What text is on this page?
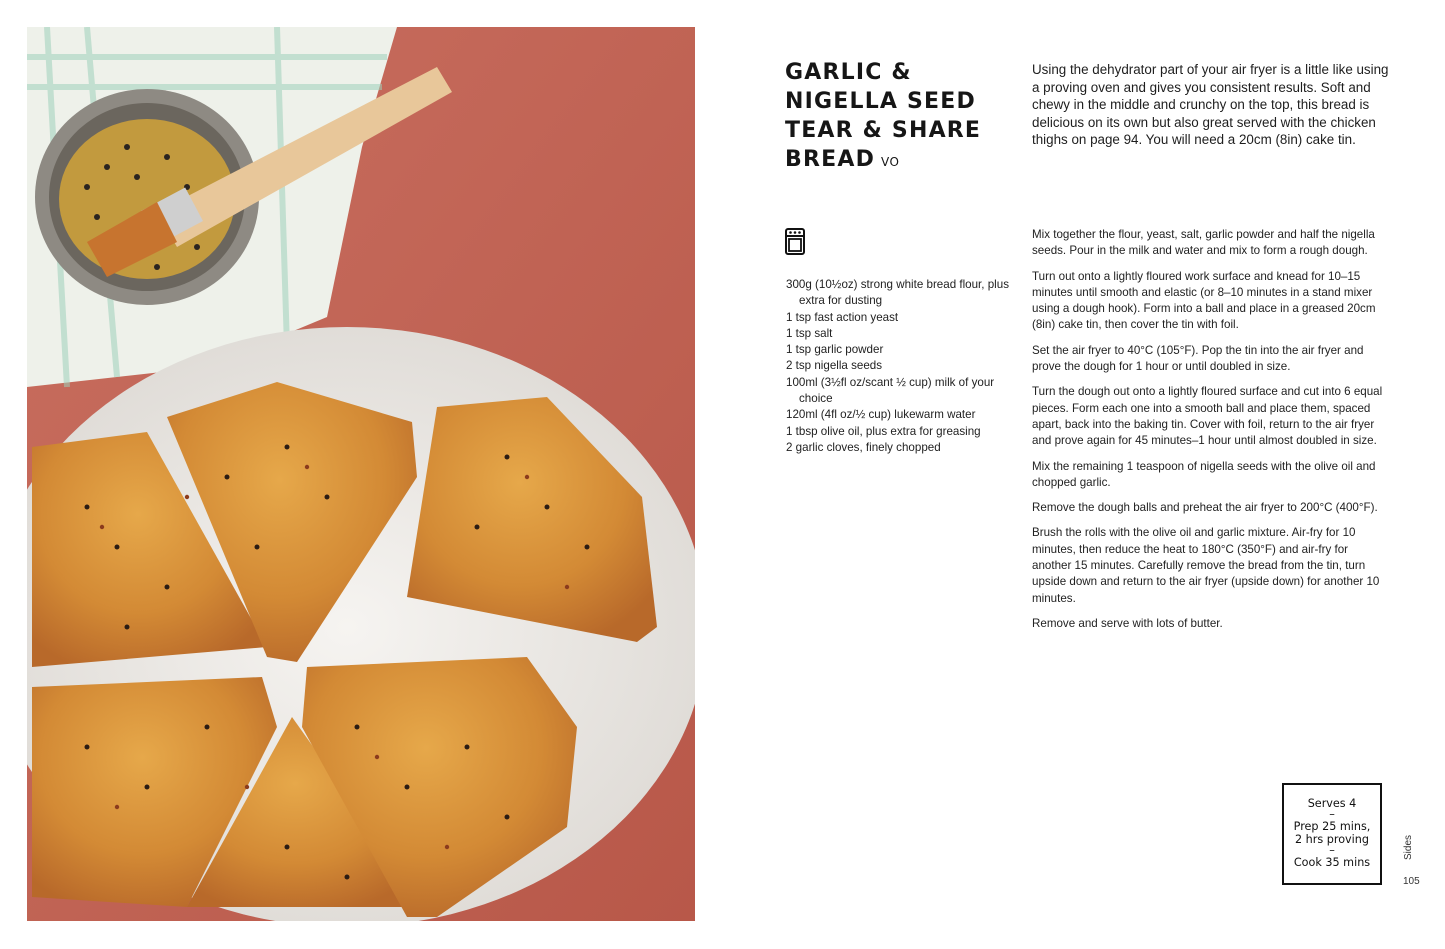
GARLIC &
NIGELLA SEED
TEAR & SHARE
BREAD VO
Using the dehydrator part of your air fryer is a little like using a proving oven and gives you consistent results. Soft and chewy in the middle and crunchy on the top, this bread is delicious on its own but also great served with the chicken thighs on page 94. You will need a 20cm (8in) cake tin.
300g (10½oz) strong white bread flour, plus extra for dusting
1 tsp fast action yeast
1 tsp salt
1 tsp garlic powder
2 tsp nigella seeds
100ml (3½fl oz/scant ½ cup) milk of your choice
120ml (4fl oz/½ cup) lukewarm water
1 tbsp olive oil, plus extra for greasing
2 garlic cloves, finely chopped

Mix together the flour, yeast, salt, garlic powder and half the nigella seeds. Pour in the milk and water and mix to form a rough dough.

Turn out onto a lightly floured work surface and knead for 10–15 minutes until smooth and elastic (or 8–10 minutes in a stand mixer using a dough hook). Form into a ball and place in a greased 20cm (8in) cake tin, then cover the tin with foil.

Set the air fryer to 40°C (105°F). Pop the tin into the air fryer and prove the dough for 1 hour or until doubled in size.

Turn the dough out onto a lightly floured surface and cut into 6 equal pieces. Form each one into a smooth ball and place them, spaced apart, back into the baking tin. Cover with foil, return to the air fryer and prove again for 45 minutes–1 hour until almost doubled in size.

Mix the remaining 1 teaspoon of nigella seeds with the olive oil and chopped garlic.

Remove the dough balls and preheat the air fryer to 200°C (400°F).

Brush the rolls with the olive oil and garlic mixture. Air-fry for 10 minutes, then reduce the heat to 180°C (350°F) and air-fry for another 15 minutes. Carefully remove the bread from the tin, turn upside down and return to the air fryer (upside down) for another 10 minutes.

Remove and serve with lots of butter.

Serves 4
–
Prep 25 mins,
2 hrs proving
–
Cook 35 mins
Sides
105
